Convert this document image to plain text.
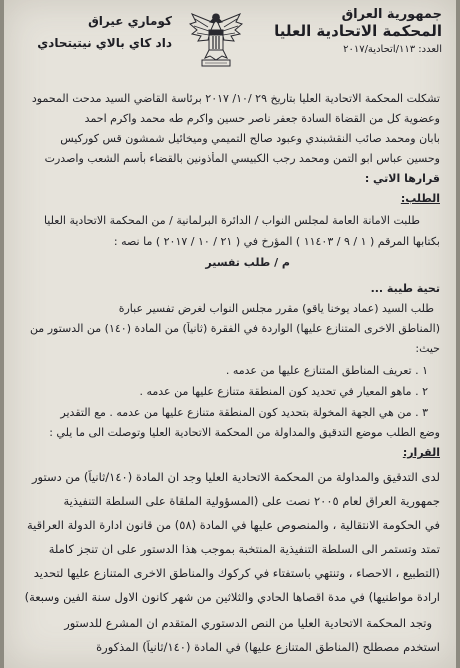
جمهورية العراق
المحكمة الاتحادية العليا
العدد: ١١٣/اتحادية/٢٠١٧
كوماري عيراق
داد كاي بالاي نيتيتحادي
تشكلت المحكمة الاتحادية العليا بتاريخ ٢٩ /١٠/ ٢٠١٧ برئاسة القاضي السيد مدحت المحمود
وعضوية كل من القضاة السادة جعفر ناصر حسين واكرم طه محمد واكرم احمد
بابان ومحمد صائب النقشبندي وعبود صالح التميمي وميخائيل شمشون قس كوركيس
وحسين عباس ابو التمن ومحمد رجب الكبيسي المأذونين بالقضاء بأسم الشعب واصدرت
قرارها الاتي :
الطلب:
طلبت الامانة العامة لمجلس النواب / الدائرة البرلمانية / من المحكمة الاتحادية العليا
بكتابها المرقم ( ١ / ٩ / ١١٤٠٣ ) المؤرخ في ( ٢١ / ١٠ / ٢٠١٧ ) ما نصه :
م / طلب تفسير
تحية طيبة ...
طلب السيد (عماد يوخنا ياقو) مقرر مجلس النواب لغرض تفسير عبارة
(المناطق الاخرى المتنازع عليها) الواردة في الفقرة (ثانياً) من المادة (١٤٠) من الدستور من
حيث:
١ . تعريف المناطق المتنازع عليها من عدمه .
٢ . ماهو المعيار في تحديد كون المنطقة متنازع عليها من عدمه .
٣ . من هي الجهة المخولة بتحديد كون المنطقة متنازع عليها من عدمه . مع التقدير
وضع الطلب موضع التدقيق والمداولة من المحكمة الاتحادية العليا وتوصلت الى ما يلي :
القرار:
لدى التدقيق والمداولة من المحكمة الاتحادية العليا وجد ان المادة (١٤٠/ثانياً) من دستور
جمهورية العراق لعام ٢٠٠٥ نصت على (المسؤولية الملقاة على السلطة التنفيذية
في الحكومة الانتقالية ، والمنصوص عليها في المادة (٥٨) من قانون ادارة الدولة العراقية
تمتد وتستمر الى السلطة التنفيذية المنتخبة بموجب هذا الدستور على ان تنجز كاملة
(التطبيع ، الاحصاء ، وتنتهي باستفتاء في كركوك والمناطق الاخرى المتنازع عليها لتحديد
ارادة مواطنيها) في مدة اقصاها الحادي والثلاثين من شهر كانون الاول سنة الفين وسبعة)
وتجد المحكمة الاتحادية العليا من النص الدستوري المتقدم ان المشرع للدستور
استخدم مصطلح (المناطق المتنازع عليها) في المادة (١٤٠/ثانياً) المذكورة
